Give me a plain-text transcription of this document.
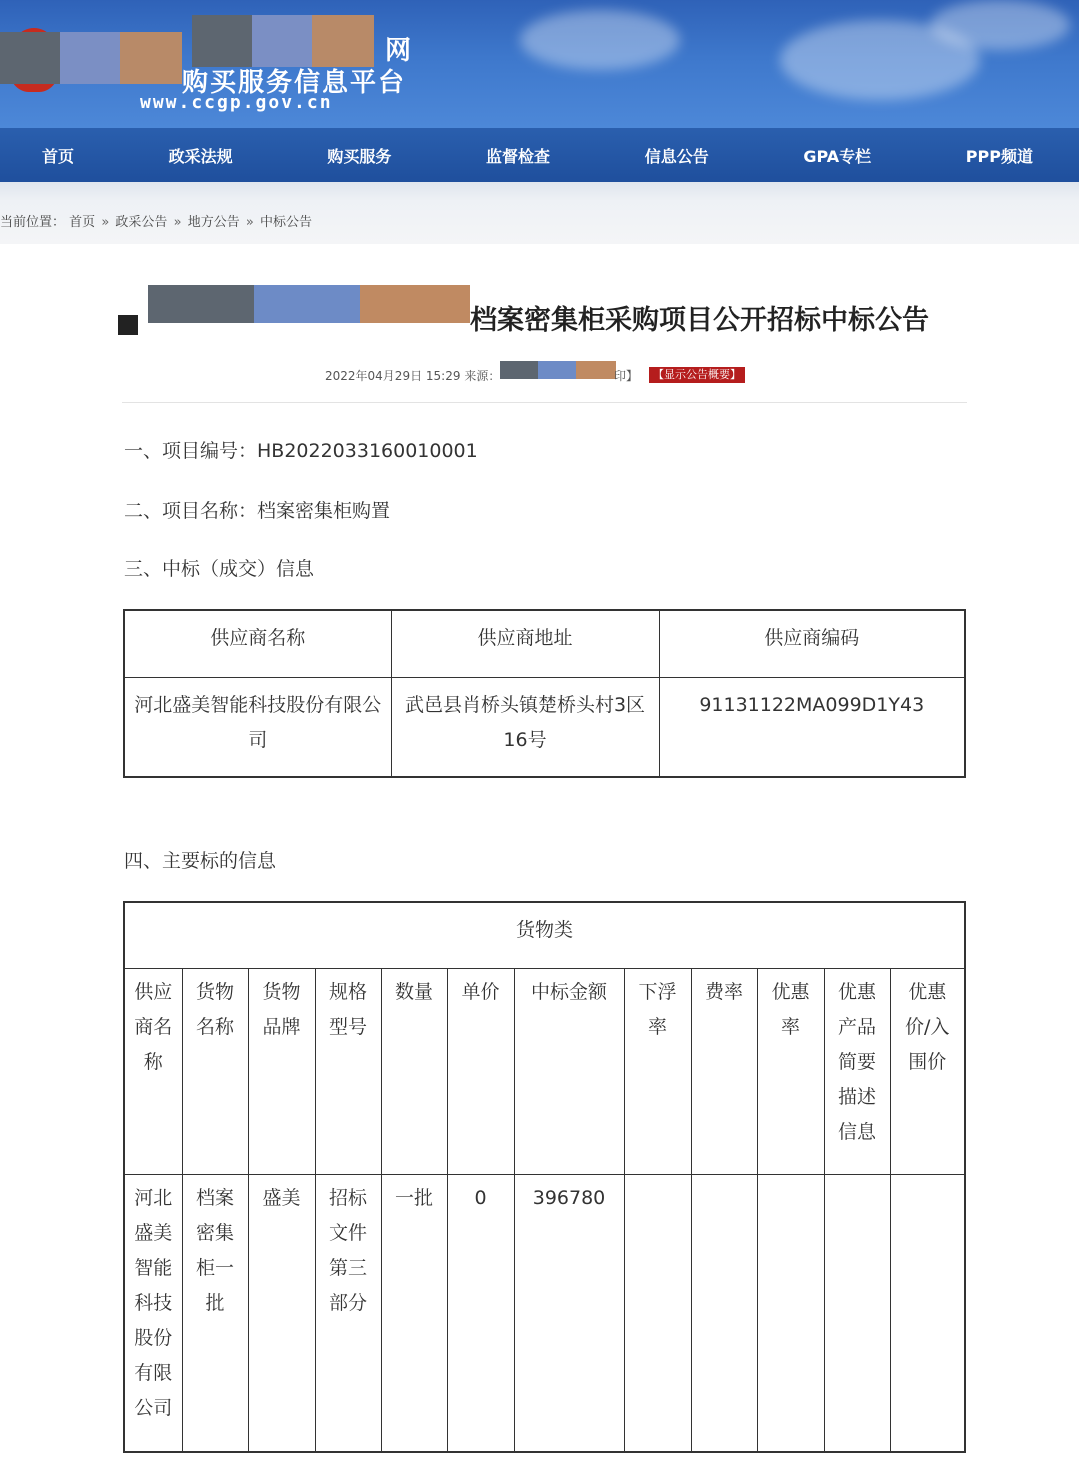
网
购买服务信息平台
www.ccgp.gov.cn
首页	政采法规	购买服务	监督检查	信息公告	GPA专栏	PPP频道
当前位置： 首页 » 政采公告 » 地方公告 » 中标公告
档案密集柜采购项目公开招标中标公告
2022年04月29日 15:29 来源：	印】	【显示公告概要】
一、项目编号：HB2022033160010001
二、项目名称：档案密集柜购置
三、中标（成交）信息
供应商名称	供应商地址	供应商编码
河北盛美智能科技股份有限公司	武邑县肖桥头镇楚桥头村3区16号	91131122MA099D1Y43
四、主要标的信息
货物类											
供应商名称	货物名称	货物品牌	规格型号	数量	单价	中标金额	下浮率	费率	优惠率	优惠产品简要描述信息	优惠价/入围价
河北盛美智能科技股份有限公司	档案密集柜一批	盛美	招标文件第三部分	一批	0	396780					
